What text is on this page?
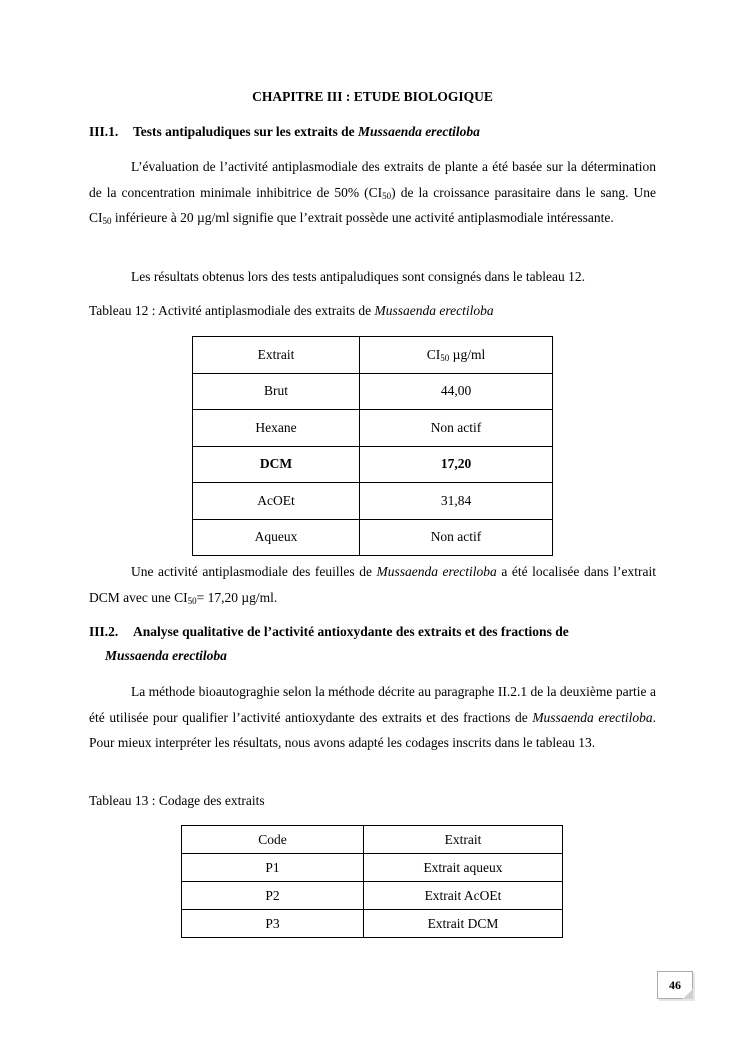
CHAPITRE III : ETUDE BIOLOGIQUE
III.1. Tests antipaludiques sur les extraits de Mussaenda erectiloba
L’évaluation de l’activité antiplasmodiale des extraits de plante a été basée sur la détermination de la concentration minimale inhibitrice de 50% $(CI_{50})$ de la croissance parasitaire dans le sang. Une $CI_{50}$ inférieure à 20 µg/ml signifie que l’extrait possède une activité antiplasmodiale intéressante.
Les résultats obtenus lors des tests antipaludiques sont consignés dans le tableau 12.
Tableau 12 : Activité antiplasmodiale des extraits de Mussaenda erectiloba
Extrait	$CI_{50}$ µg/ml
Brut	44,00
Hexane	Non actif
DCM	17,20
AcOEt	31,84
Aqueux	Non actif
Une activité antiplasmodiale des feuilles de Mussaenda erectiloba a été localisée dans l’extrait DCM avec une $CI_{50}= 17,20$ µg/ml.
III.2. Analyse qualitative de l’activité antioxydante des extraits et des fractions de
Mussaenda erectiloba
La méthode bioautograghie selon la méthode décrite au paragraphe II.2.1 de la deuxième partie a été utilisée pour qualifier l’activité antioxydante des extraits et des fractions de Mussaenda erectiloba. Pour mieux interpréter les résultats, nous avons adapté les codages inscrits dans le tableau 13.
Tableau 13 : Codage des extraits
Code	Extrait
P1	Extrait aqueux
P2	Extrait AcOEt
P3	Extrait DCM
46
